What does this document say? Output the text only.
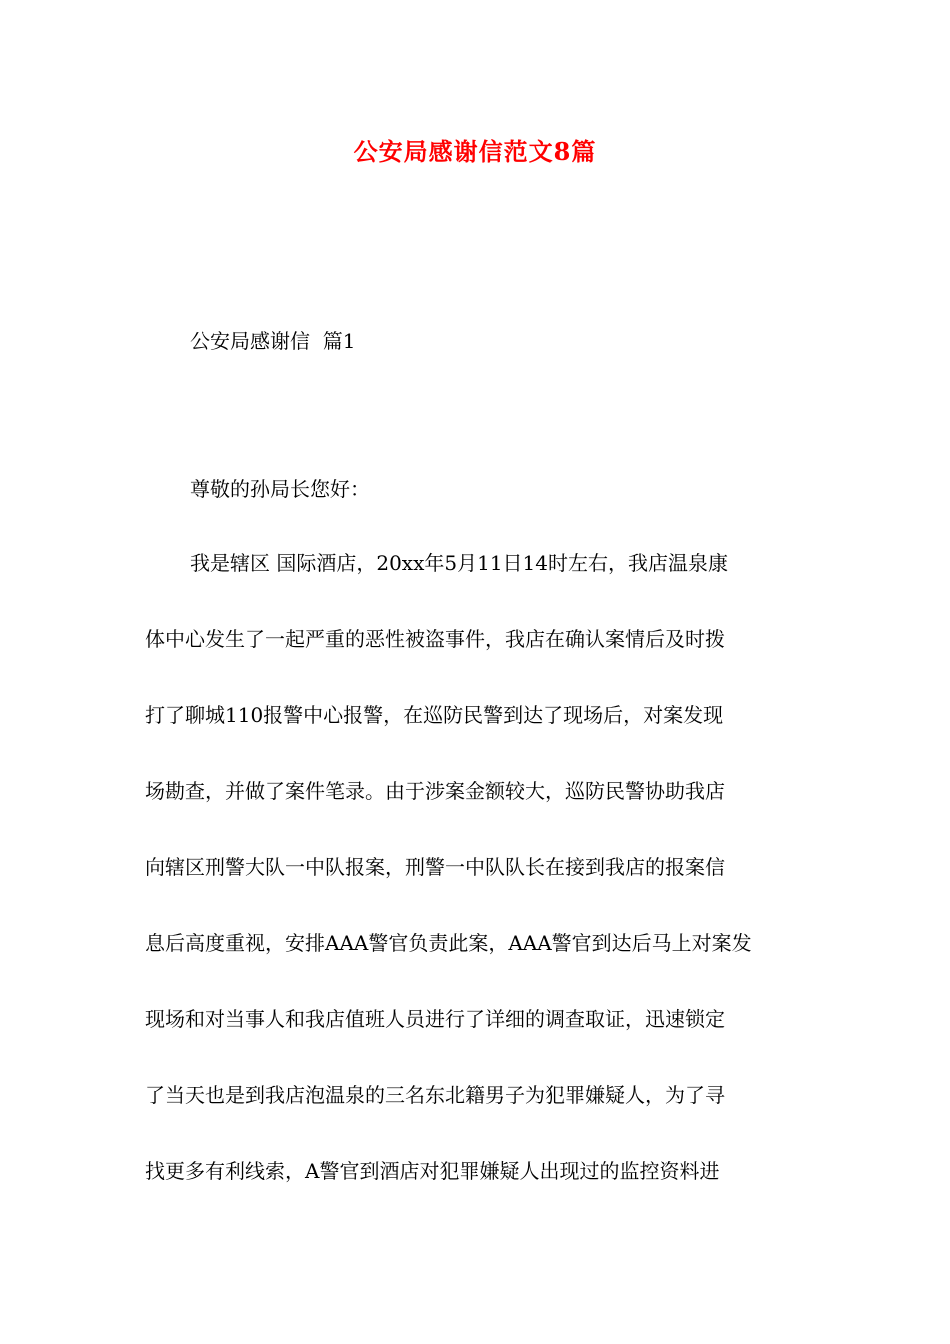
公安局感谢信范文8篇

公安局感谢信  篇1

尊敬的孙局长您好：

我是辖区 国际酒店，20xx年5月11日14时左右，我店温泉康

体中心发生了一起严重的恶性被盗事件，我店在确认案情后及时拨

打了聊城110报警中心报警，在巡防民警到达了现场后，对案发现

场勘查，并做了案件笔录。由于涉案金额较大，巡防民警协助我店

向辖区刑警大队一中队报案，刑警一中队队长在接到我店的报案信

息后高度重视，安排AAA警官负责此案，AAA警官到达后马上对案发

现场和对当事人和我店值班人员进行了详细的调查取证，迅速锁定

了当天也是到我店泡温泉的三名东北籍男子为犯罪嫌疑人，为了寻

找更多有利线索，A警官到酒店对犯罪嫌疑人出现过的监控资料进
